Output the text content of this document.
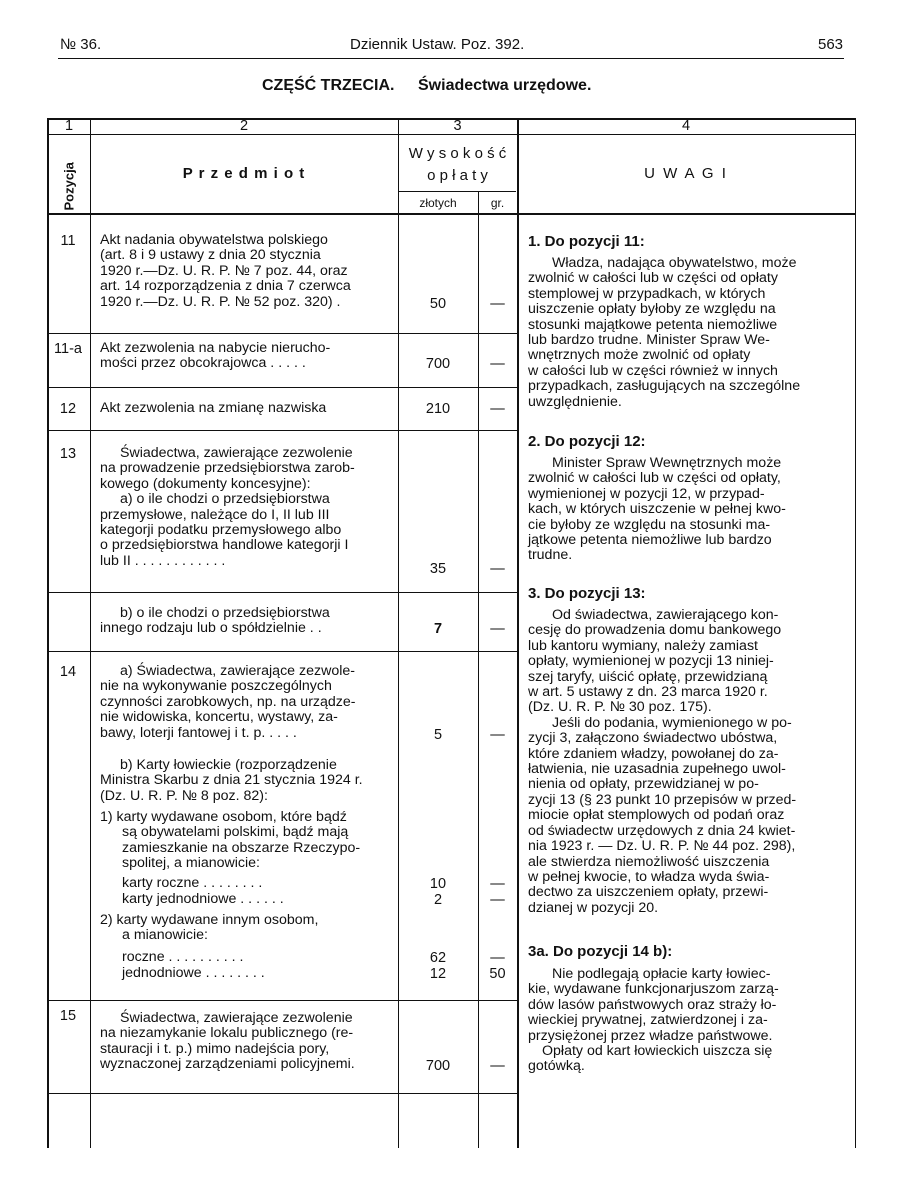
№ 36.	Dziennik Ustaw. Poz. 392.	563
CZĘŚĆ TRZECIA. Świadectwa urzędowe.
1	2	3	4
Pozycja	P r z e d m i o t
W y s o k o ś ć
o p ł a t y
złotych	gr.
U W A G I
11	Akt nadania obywatelstwa polskiego
(art. 8 i 9 ustawy z dnia 20 stycznia
1920 r.—Dz. U. R. P. № 7 poz. 44, oraz
art. 14 rozporządzenia z dnia 7 czerwca
1920 r.—Dz. U. R. P. № 52 poz. 320) .	50	—
11-a	Akt zezwolenia na nabycie nierucho-
mości przez obcokrajowca . . . . .	700	—
12	Akt zezwolenia na zmianę nazwiska	210	—
13	Świadectwa, zawierające zezwolenie
na prowadzenie przedsiębiorstwa zarob-
kowego (dokumenty koncesyjne):
a) o ile chodzi o przedsiębiorstwa
przemysłowe, należące do I, II lub III
kategorji podatku przemysłowego albo
o przedsiębiorstwa handlowe kategorji I
lub II . . . . . . . . . . . .
35	—
b) o ile chodzi o przedsiębiorstwa
innego rodzaju lub o spółdzielnie . .	7	—
14	a) Świadectwa, zawierające zezwole-
nie na wykonywanie poszczególnych
czynności zarobkowych, np. na urządze-
nie widowiska, koncertu, wystawy, za-
bawy, loterji fantowej i t. p. . . . .	5	—
b) Karty łowieckie (rozporządzenie
Ministra Skarbu z dnia 21 stycznia 1924 r.
(Dz. U. R. P. № 8 poz. 82):
1) karty wydawane osobom, które bądź
są obywatelami polskimi, bądź mają
zamieszkanie na obszarze Rzeczypo-
spolitej, a mianowicie:
karty roczne . . . . . . . .	10	—
karty jednodniowe . . . . . .	2	—
2) karty wydawane innym osobom,
a mianowicie:
roczne . . . . . . . . . .	62	—
jednodniowe . . . . . . . .	12	50
15	Świadectwa, zawierające zezwolenie
na niezamykanie lokalu publicznego (re-
stauracji i t. p.) mimo nadejścia pory,
wyznaczonej zarządzeniami policyjnemi.	700	—
1. Do pozycji 11:
Władza, nadająca obywatelstwo, może
zwolnić w całości lub w części od opłaty
stemplowej w przypadkach, w których
uiszczenie opłaty byłoby ze względu na
stosunki majątkowe petenta niemożliwe
lub bardzo trudne. Minister Spraw We-
wnętrznych może zwolnić od opłaty
w całości lub w części również w innych
przypadkach, zasługujących na szczególne
uwzględnienie.
2. Do pozycji 12:
Minister Spraw Wewnętrznych może
zwolnić w całości lub w części od opłaty,
wymienionej w pozycji 12, w przypad-
kach, w których uiszczenie w pełnej kwo-
cie byłoby ze względu na stosunki ma-
jątkowe petenta niemożliwe lub bardzo
trudne.
3. Do pozycji 13:
Od świadectwa, zawierającego kon-
cesję do prowadzenia domu bankowego
lub kantoru wymiany, należy zamiast
opłaty, wymienionej w pozycji 13 niniej-
szej taryfy, uiścić opłatę, przewidzianą
w art. 5 ustawy z dn. 23 marca 1920 r.
(Dz. U. R. P. № 30 poz. 175).
Jeśli do podania, wymienionego w po-
zycji 3, załączono świadectwo ubóstwa,
które zdaniem władzy, powołanej do za-
łatwienia, nie uzasadnia zupełnego uwol-
nienia od opłaty, przewidzianej w po-
zycji 13 (§ 23 punkt 10 przepisów w przed-
miocie opłat stemplowych od podań oraz
od świadectw urzędowych z dnia 24 kwiet-
nia 1923 r. — Dz. U. R. P. № 44 poz. 298),
ale stwierdza niemożliwość uiszczenia
w pełnej kwocie, to władza wyda świa-
dectwo za uiszczeniem opłaty, przewi-
dzianej w pozycji 20.
3a. Do pozycji 14 b):
Nie podlegają opłacie karty łowiec-
kie, wydawane funkcjonarjuszom zarzą-
dów lasów państwowych oraz straży ło-
wieckiej prywatnej, zatwierdzonej i za-
przysiężonej przez władze państwowe.
Opłaty od kart łowieckich uiszcza się
gotówką.
